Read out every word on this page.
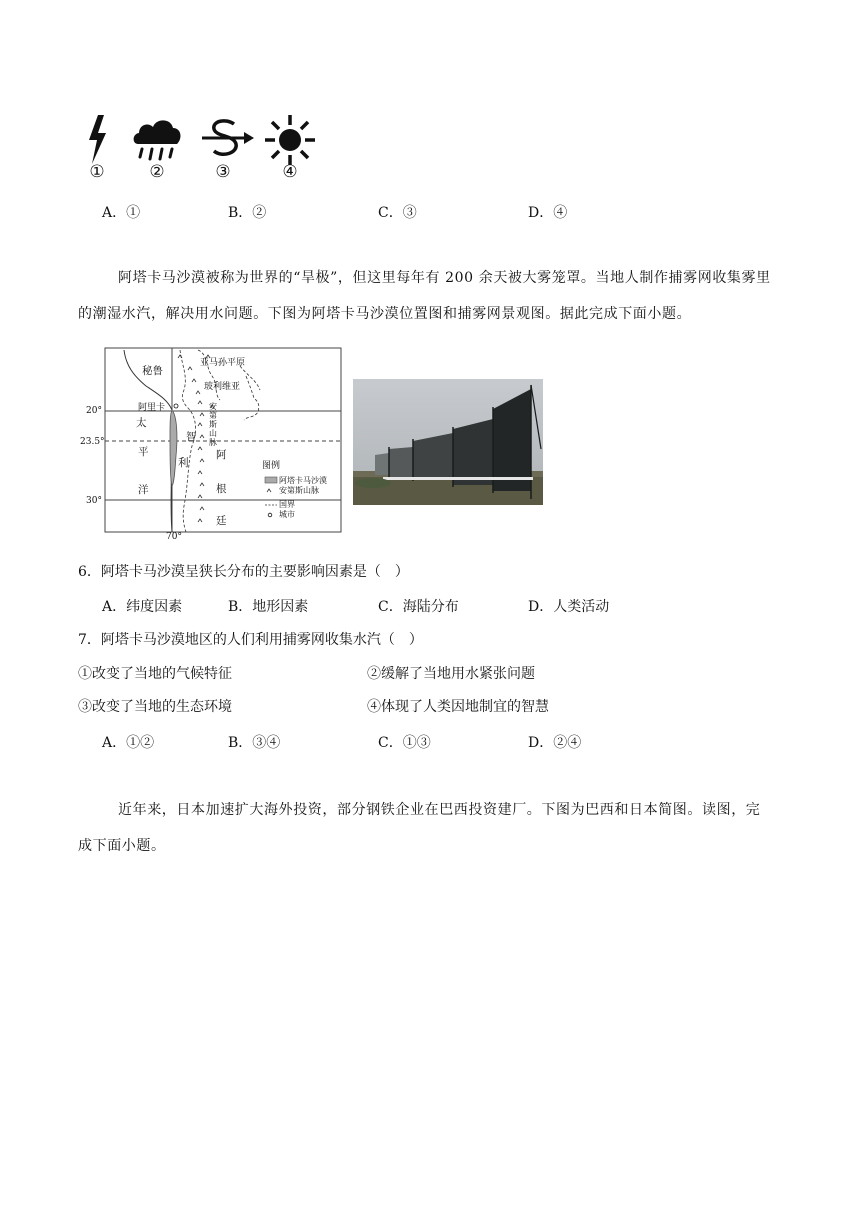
①	②	③	④
A．①	B．②	C．③	D．④
阿塔卡马沙漠被称为世界的“旱极”，但这里每年有 200 余天被大雾笼罩。当地人制作捕雾网收集雾里
的潮湿水汽，解决用水问题。下图为阿塔卡马沙漠位置图和捕雾网景观图。据此完成下面小题。
秘鲁
亚马孙平原
玻利维亚
阿里卡
太
平
洋
安
第
斯
山
脉
智
利
阿
根
廷
20°
23.5°
30°
70°
图例
阿塔卡马沙漠
安第斯山脉
国界
城市
6．阿塔卡马沙漠呈狭长分布的主要影响因素是（　）
A．纬度因素	B．地形因素	C．海陆分布	D．人类活动
7．阿塔卡马沙漠地区的人们利用捕雾网收集水汽（　）
①改变了当地的气候特征	②缓解了当地用水紧张问题
③改变了当地的生态环境	④体现了人类因地制宜的智慧
A．①②	B．③④	C．①③	D．②④
近年来，日本加速扩大海外投资，部分钢铁企业在巴西投资建厂。下图为巴西和日本简图。读图，完
成下面小题。
